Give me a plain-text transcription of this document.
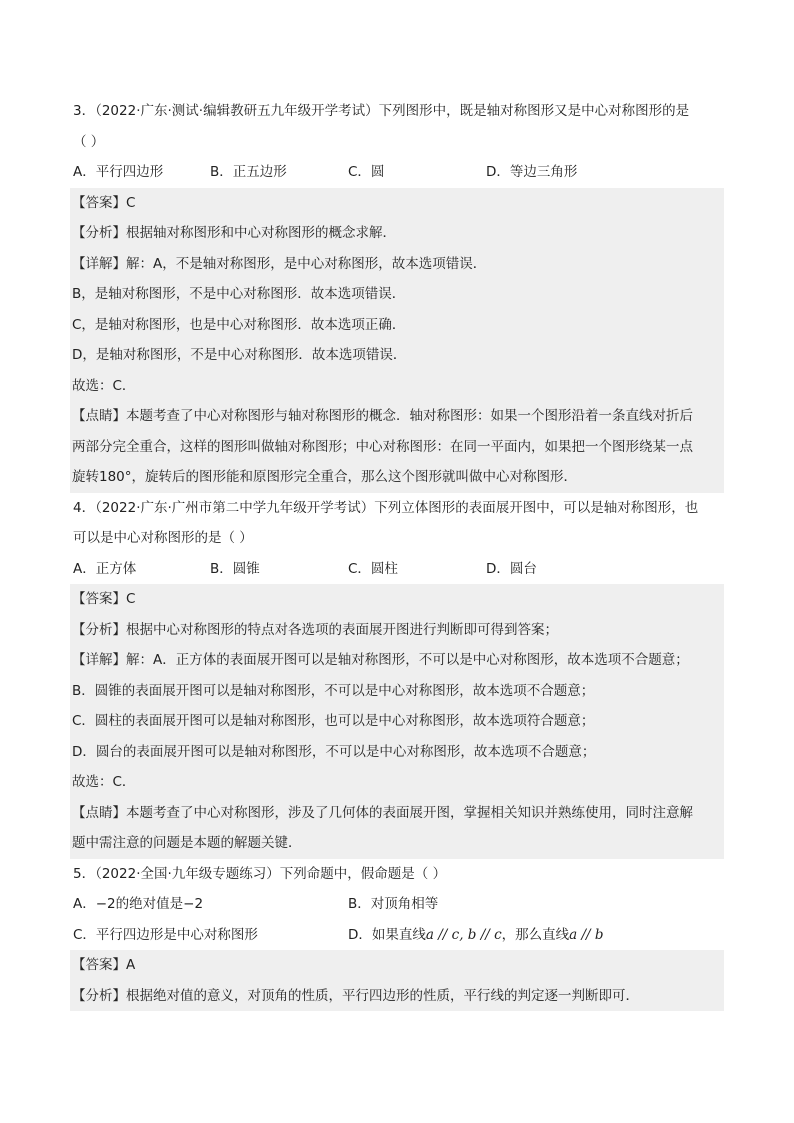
3．（2022·广东·测试·编辑教研五九年级开学考试）下列图形中，既是轴对称图形又是中心对称图形的是
（ ）
A．平行四边形	B．正五边形	C．圆	D．等边三角形
【答案】C
【分析】根据轴对称图形和中心对称图形的概念求解．
【详解】解：A，不是轴对称图形，是中心对称图形，故本选项错误．
B，是轴对称图形，不是中心对称图形．故本选项错误．
C，是轴对称图形，也是中心对称图形．故本选项正确．
D，是轴对称图形，不是中心对称图形．故本选项错误．
故选：C．
【点睛】本题考查了中心对称图形与轴对称图形的概念．轴对称图形：如果一个图形沿着一条直线对折后
两部分完全重合，这样的图形叫做轴对称图形；中心对称图形：在同一平面内，如果把一个图形绕某一点
旋转180°，旋转后的图形能和原图形完全重合，那么这个图形就叫做中心对称图形．
4．（2022·广东·广州市第二中学九年级开学考试）下列立体图形的表面展开图中，可以是轴对称图形，也
可以是中心对称图形的是（ ）
A．正方体	B．圆锥	C．圆柱	D．圆台
【答案】C
【分析】根据中心对称图形的特点对各选项的表面展开图进行判断即可得到答案；
【详解】解：A．正方体的表面展开图可以是轴对称图形，不可以是中心对称图形，故本选项不合题意；
B．圆锥的表面展开图可以是轴对称图形，不可以是中心对称图形，故本选项不合题意；
C．圆柱的表面展开图可以是轴对称图形，也可以是中心对称图形，故本选项符合题意；
D．圆台的表面展开图可以是轴对称图形，不可以是中心对称图形，故本选项不合题意；
故选：C．
【点睛】本题考查了中心对称图形，涉及了几何体的表面展开图，掌握相关知识并熟练使用，同时注意解
题中需注意的问题是本题的解题关键．
5．（2022·全国·九年级专题练习）下列命题中，假命题是（ ）
A．−2的绝对值是−2	B．对顶角相等
C．平行四边形是中心对称图形	D．如果直线a // c, b // c，那么直线a // b
【答案】A
【分析】根据绝对值的意义，对顶角的性质，平行四边形的性质，平行线的判定逐一判断即可．
